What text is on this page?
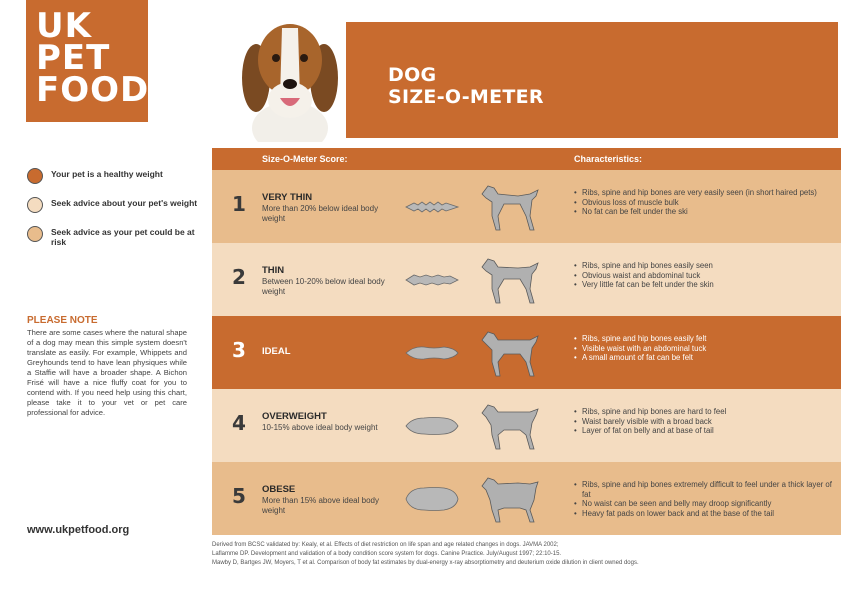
UK
PET
FOOD	DOG
SIZE-O-METER
Your pet is a healthy weight
Seek advice about your pet's weight
Seek advice as your pet could be at risk
PLEASE NOTE
There are some cases where the natural shape of a dog may mean this simple system doesn't translate as easily. For example, Whippets and Greyhounds tend to have lean physiques while a Staffie will have a broader shape. A Bichon Frisé will have a nice fluffy coat for you to contend with. If you need help using this chart, please take it to your vet or pet care professional for advice.
www.ukpetfood.org
Size-O-Meter Score:	Characteristics:
1 VERY THIN
More than 20% below ideal body weight
• Ribs, spine and hip bones are very easily seen (in short haired pets)
• Obvious loss of muscle bulk
• No fat can be felt under the ski
2 THIN
Between 10-20% below ideal body weight
• Ribs, spine and hip bones easily seen
• Obvious waist and abdominal tuck
• Very little fat can be felt under the skin
3 IDEAL
• Ribs, spine and hip bones easily felt
• Visible waist with an abdominal tuck
• A small amount of fat can be felt
4 OVERWEIGHT
10-15% above ideal body weight
• Ribs, spine and hip bones are hard to feel
• Waist barely visible with a broad back
• Layer of fat on belly and at base of tail
5 OBESE
More than 15% above ideal body weight
• Ribs, spine and hip bones extremely difficult to feel under a thick layer of fat
• No waist can be seen and belly may droop significantly
• Heavy fat pads on lower back and at the base of the tail
Derived from BCSC validated by: Kealy, et al. Effects of diet restriction on life span and age related changes in dogs. JAVMA 2002;
Laflamme DP. Development and validation of a body condition score system for dogs. Canine Practice. July/August 1997; 22:10-15.
Mawby D, Bartges JW, Moyers, T et al. Comparison of body fat estimates by dual-energy x-ray absorptiometry and deuterium oxide dilution in client owned dogs.
